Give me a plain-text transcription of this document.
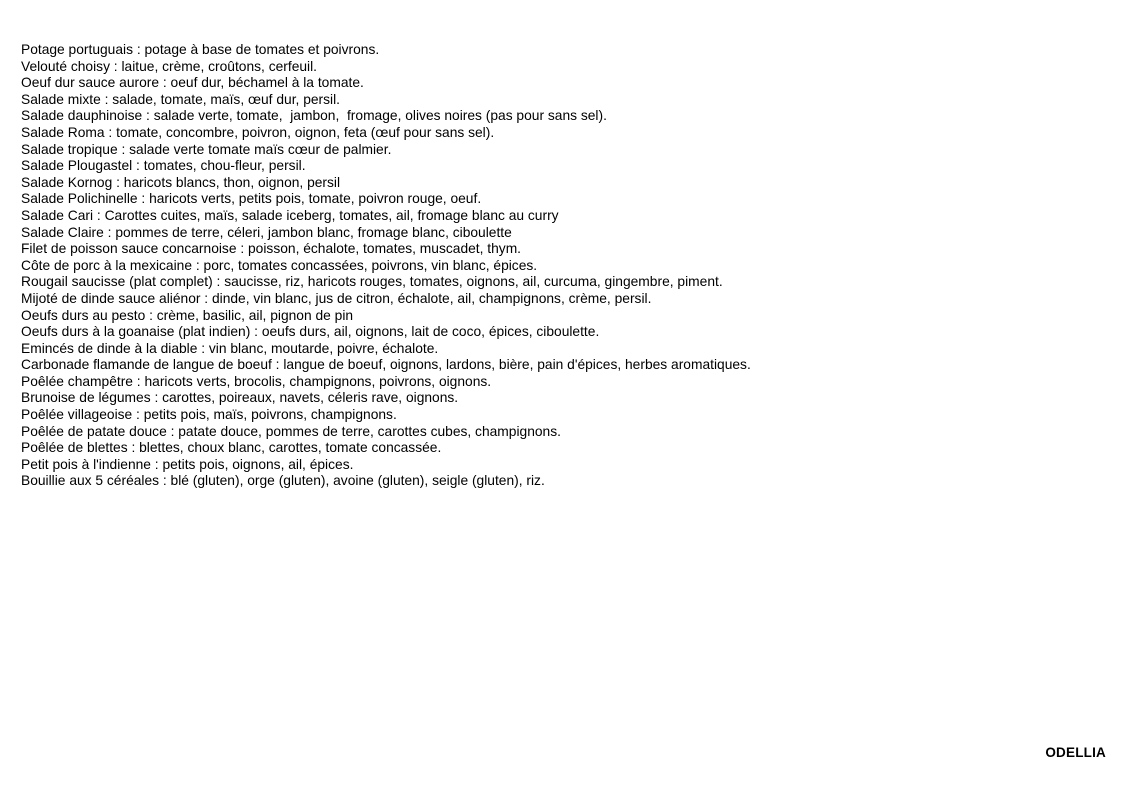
Potage portuguais : potage à base de tomates et poivrons.
Velouté choisy : laitue, crème, croûtons, cerfeuil.
Oeuf dur sauce aurore : oeuf dur, béchamel à la tomate.
Salade mixte : salade, tomate, maïs, œuf dur, persil.
Salade dauphinoise : salade verte, tomate,  jambon,  fromage, olives noires (pas pour sans sel).
Salade Roma : tomate, concombre, poivron, oignon, feta (œuf pour sans sel).
Salade tropique : salade verte tomate maïs cœur de palmier.
Salade Plougastel : tomates, chou-fleur, persil.
Salade Kornog : haricots blancs, thon, oignon, persil
Salade Polichinelle : haricots verts, petits pois, tomate, poivron rouge, oeuf.
Salade Cari : Carottes cuites, maïs, salade iceberg, tomates, ail, fromage blanc au curry
Salade Claire : pommes de terre, céleri, jambon blanc, fromage blanc, ciboulette
Filet de poisson sauce concarnoise : poisson, échalote, tomates, muscadet, thym.
Côte de porc à la mexicaine : porc, tomates concassées, poivrons, vin blanc, épices.
Rougail saucisse (plat complet) : saucisse, riz, haricots rouges, tomates, oignons, ail, curcuma, gingembre, piment.
Mijoté de dinde sauce aliénor : dinde, vin blanc, jus de citron, échalote, ail, champignons, crème, persil.
Oeufs durs au pesto : crème, basilic, ail, pignon de pin
Oeufs durs à la goanaise (plat indien) : oeufs durs, ail, oignons, lait de coco, épices, ciboulette.
Emincés de dinde à la diable : vin blanc, moutarde, poivre, échalote.
Carbonade flamande de langue de boeuf : langue de boeuf, oignons, lardons, bière, pain d'épices, herbes aromatiques.
Poêlée champêtre : haricots verts, brocolis, champignons, poivrons, oignons.
Brunoise de légumes : carottes, poireaux, navets, céleris rave, oignons.
Poêlée villageoise : petits pois, maïs, poivrons, champignons.
Poêlée de patate douce : patate douce, pommes de terre, carottes cubes, champignons.
Poêlée de blettes : blettes, choux blanc, carottes, tomate concassée.
Petit pois à l'indienne : petits pois, oignons, ail, épices.
Bouillie aux 5 céréales : blé (gluten), orge (gluten), avoine (gluten), seigle (gluten), riz.
ODELLIA
